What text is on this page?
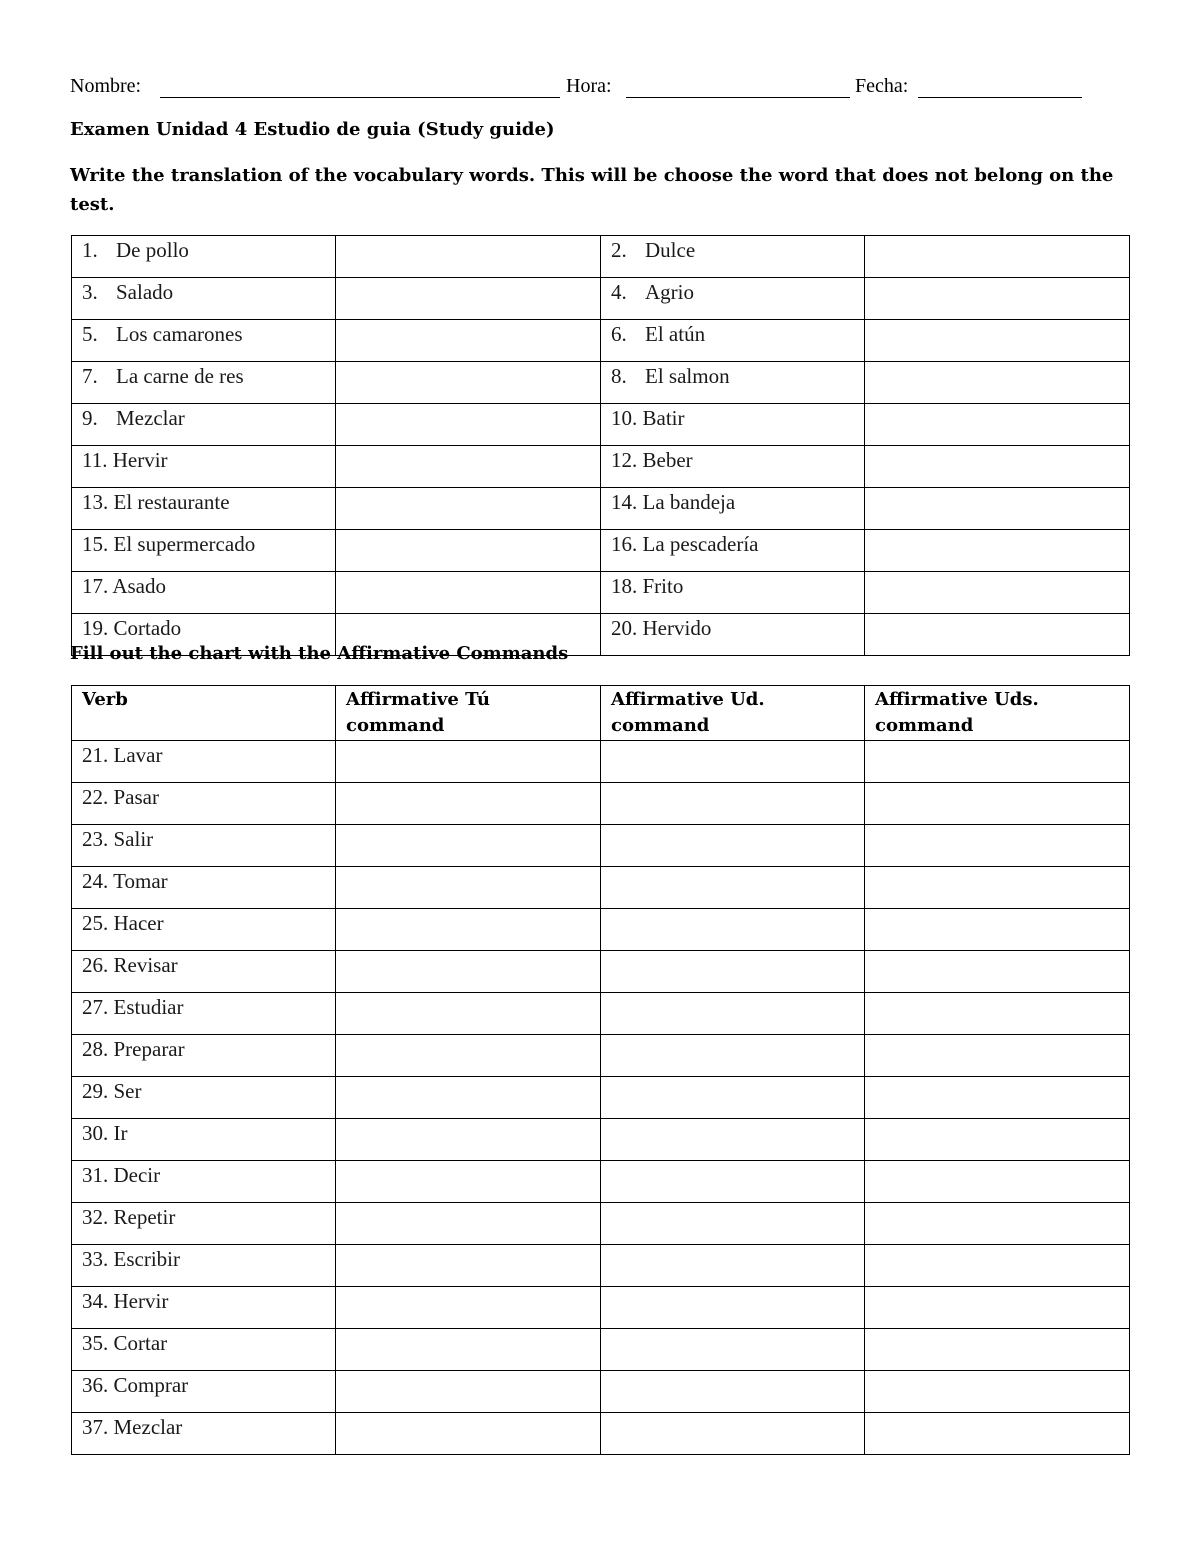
Nombre:	Hora:	Fecha:
Examen Unidad 4 Estudio de guia (Study guide)
Write the translation of the vocabulary words. This will be choose the word that does not belong on the test.
1. De pollo		2. Dulce	
3. Salado		4. Agrio	
5. Los camarones		6. El atún	
7. La carne de res		8. El salmon	
9. Mezclar		10. Batir	
11. Hervir		12. Beber	
13. El restaurante		14. La bandeja	
15. El supermercado		16. La pescadería	
17. Asado		18. Frito	
19. Cortado		20. Hervido	
Fill out the chart with the Affirmative Commands
Verb	Affirmative Tú command	Affirmative Ud. command	Affirmative Uds. command
21. Lavar			
22. Pasar			
23. Salir			
24. Tomar			
25. Hacer			
26. Revisar			
27. Estudiar			
28. Preparar			
29. Ser			
30. Ir			
31. Decir			
32. Repetir			
33. Escribir			
34. Hervir			
35. Cortar			
36. Comprar			
37. Mezclar			
